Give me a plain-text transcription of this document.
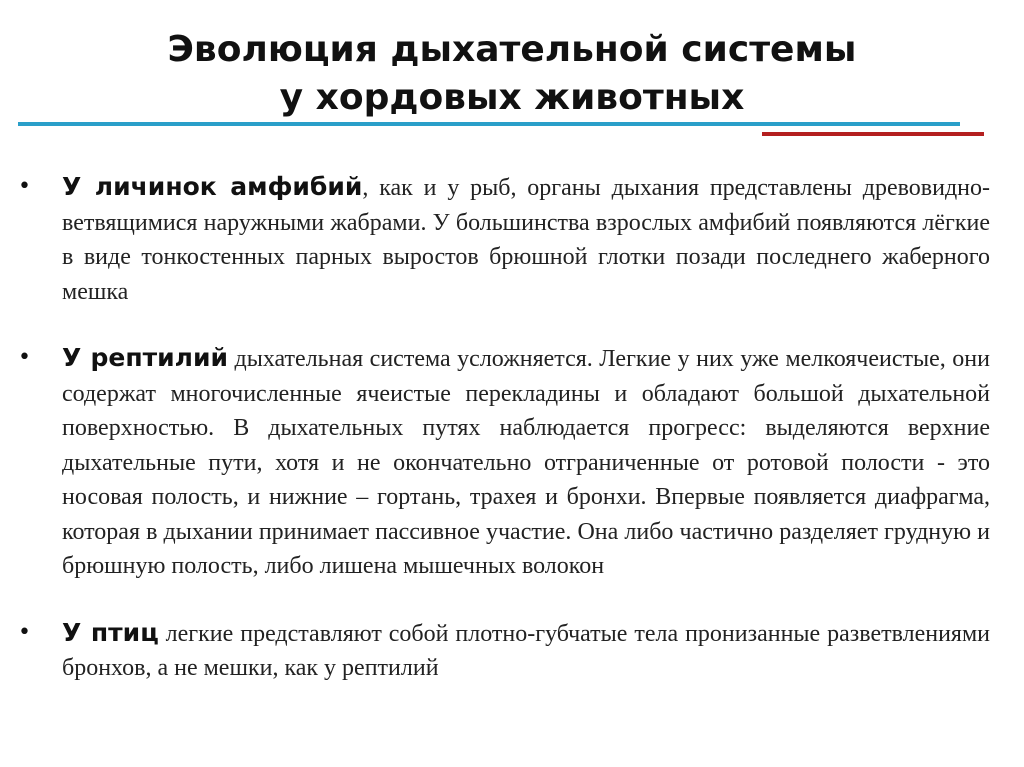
Эволюция дыхательной системы
у хордовых животных
• У личинок амфибий, как и у рыб, органы дыхания представлены древовидно-ветвящимися наружными жабрами. У большинства взрослых амфибий появляются лёгкие в виде тонкостенных парных выростов брюшной глотки позади последнего жаберного мешка
• У рептилий дыхательная система усложняется. Легкие у них уже мелкоячеистые, они содержат многочисленные ячеистые перекладины и обладают большой дыхательной поверхностью. В дыхательных путях наблюдается прогресс: выделяются верхние дыхательные пути, хотя и не окончательно отграниченные от ротовой полости - это носовая полость, и нижние – гортань, трахея и бронхи. Впервые появляется диафрагма, которая в дыхании принимает пассивное участие. Она либо частично разделяет грудную и брюшную полость, либо лишена мышечных волокон
• У птиц легкие представляют собой плотно-губчатые тела пронизанные разветвлениями бронхов, а не мешки, как у рептилий
